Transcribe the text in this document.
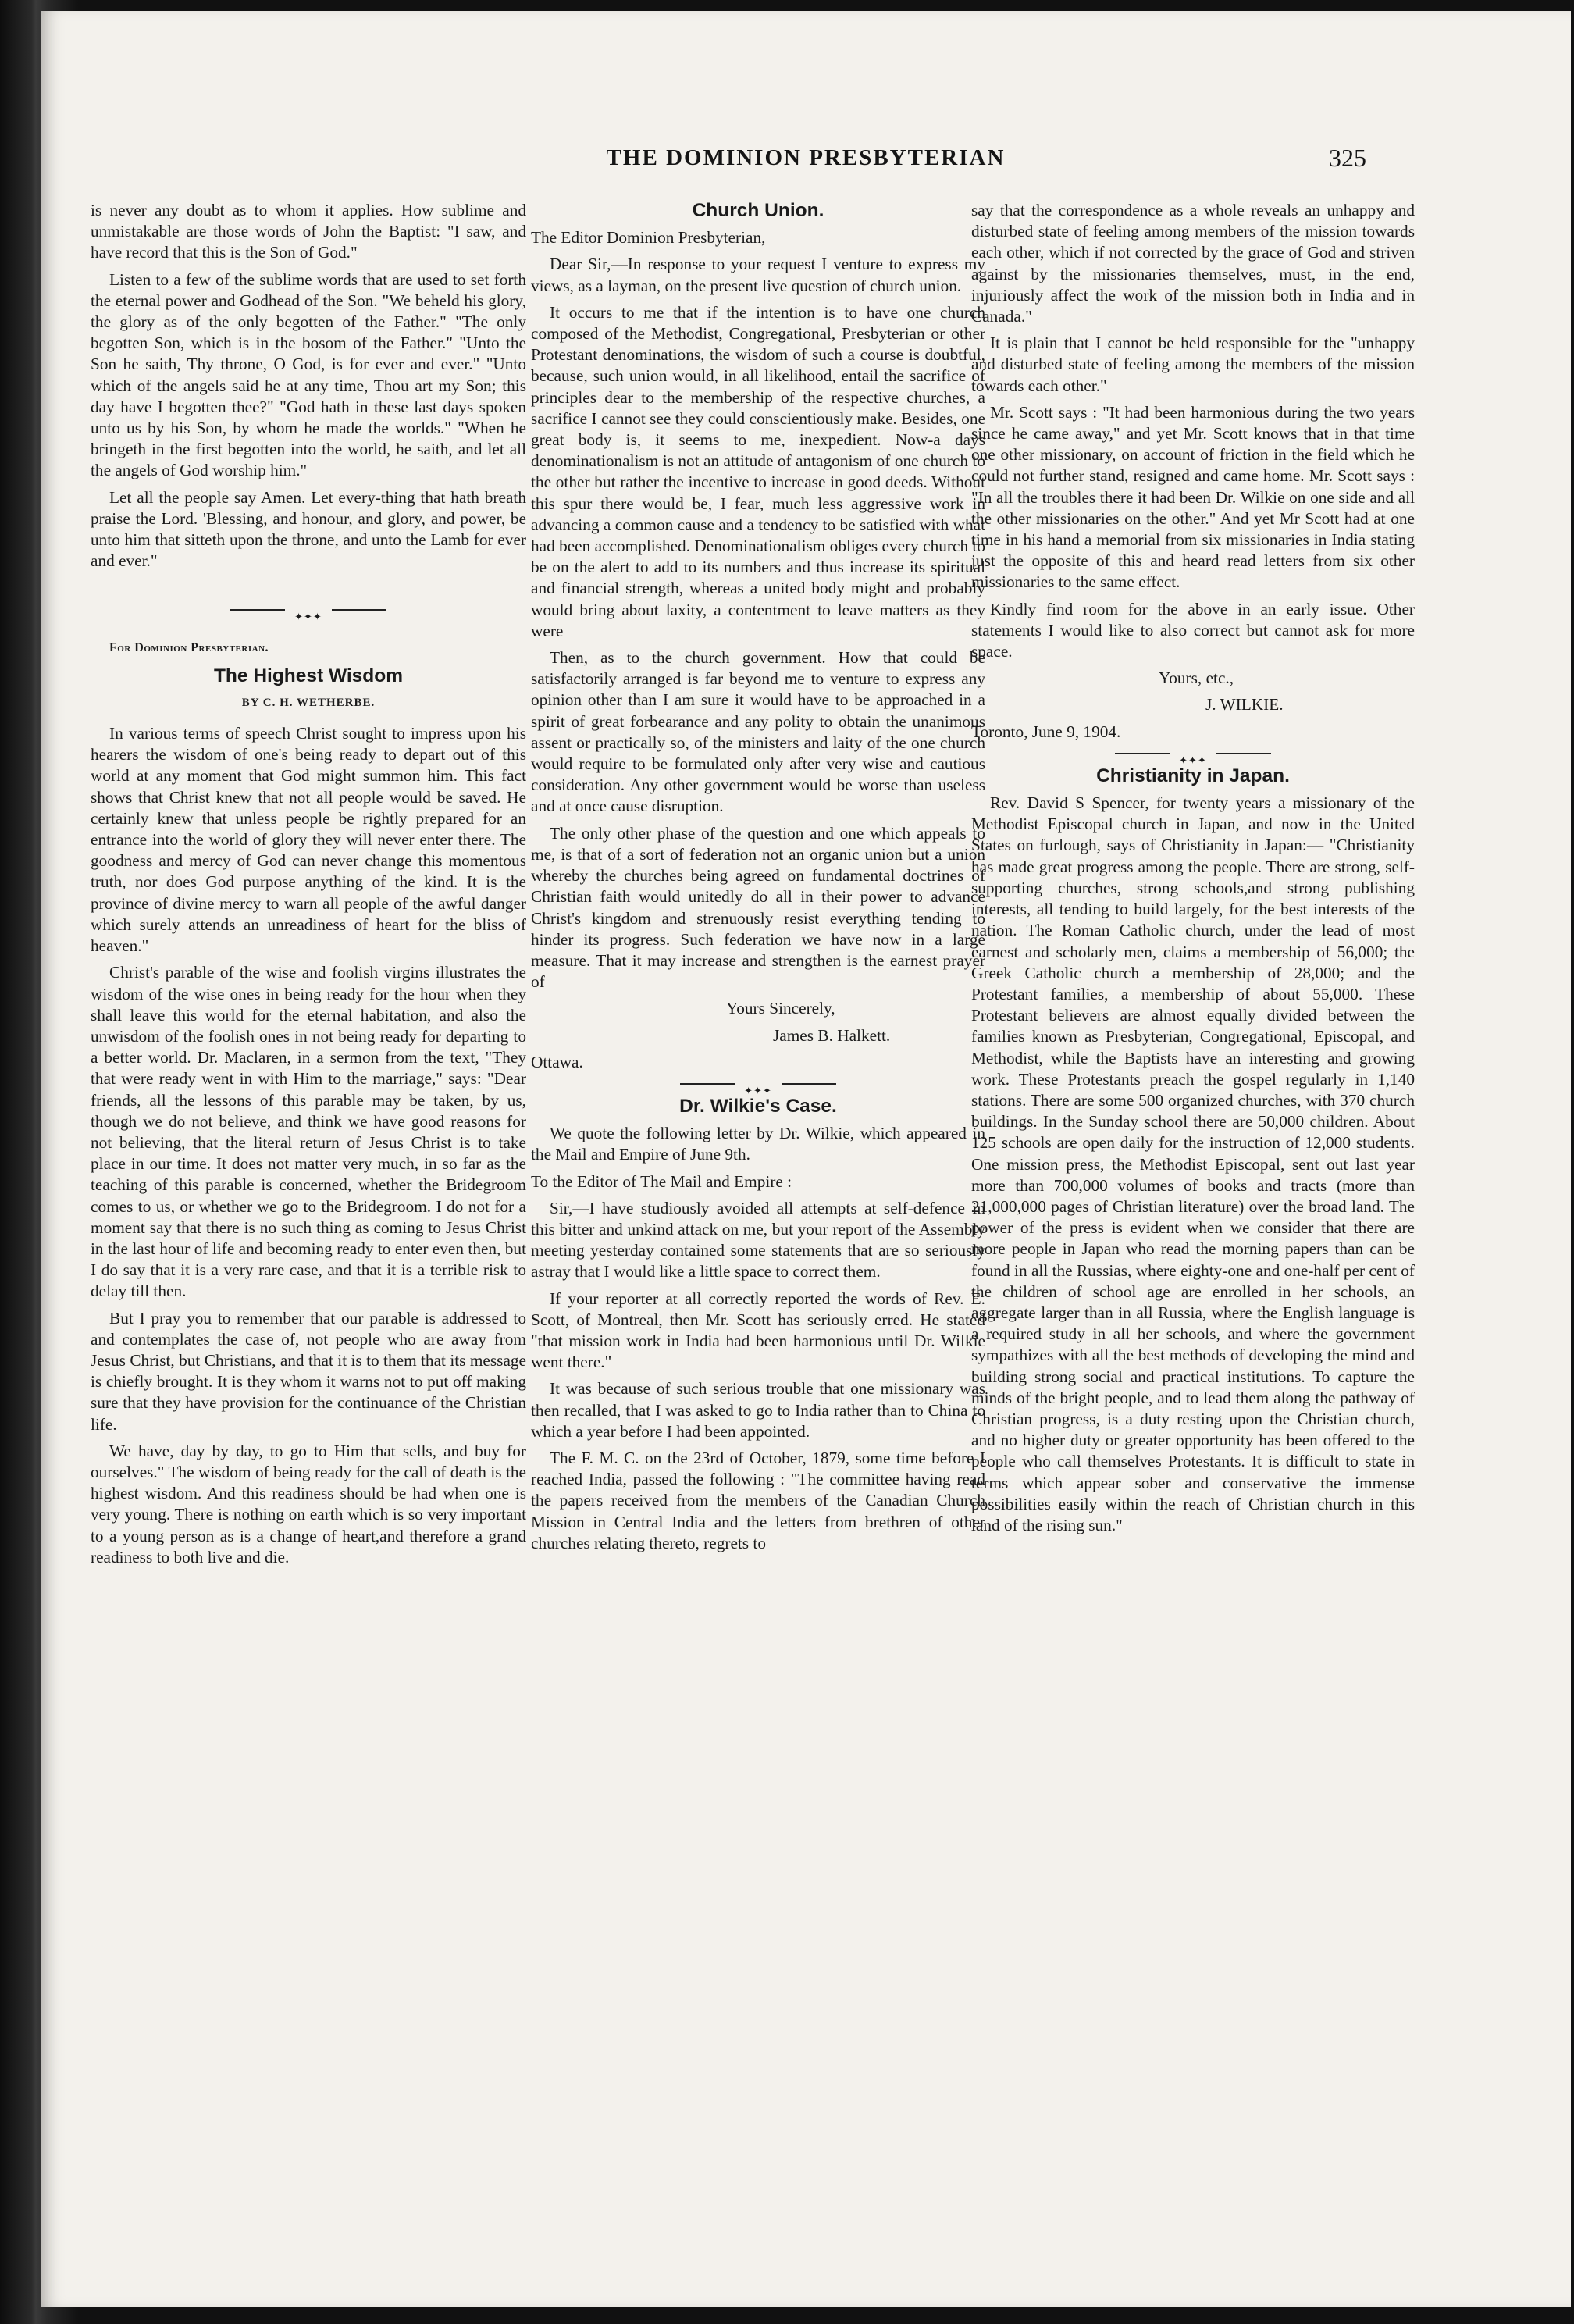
THE DOMINION PRESBYTERIAN	325

is never any doubt as to whom it applies. How sublime and unmistakable are those words of John the Baptist: "I saw, and have record that this is the Son of God."

Listen to a few of the sublime words that are used to set forth the eternal power and Godhead of the Son. "We beheld his glory, the glory as of the only begotten of the Father." "The only begotten Son, which is in the bosom of the Father." "Unto the Son he saith, Thy throne, O God, is for ever and ever." "Unto which of the angels said he at any time, Thou art my Son; this day have I begotten thee?" "God hath in these last days spoken unto us by his Son, by whom he made the worlds." "When he bringeth in the first begotten into the world, he saith, and let all the angels of God worship him."

Let all the people say Amen. Let every-thing that hath breath praise the Lord. 'Blessing, and honour, and glory, and power, be unto him that sitteth upon the throne, and unto the Lamb for ever and ever."

✦✦✦

For Dominion Presbyterian.

The Highest Wisdom
BY C. H. WETHERBE.

In various terms of speech Christ sought to impress upon his hearers the wisdom of one's being ready to depart out of this world at any moment that God might summon him. This fact shows that Christ knew that not all people would be saved. He certainly knew that unless people be rightly prepared for an entrance into the world of glory they will never enter there. The goodness and mercy of God can never change this momentous truth, nor does God purpose anything of the kind. It is the province of divine mercy to warn all people of the awful danger which surely attends an unreadiness of heart for the bliss of heaven."

Christ's parable of the wise and foolish virgins illustrates the wisdom of the wise ones in being ready for the hour when they shall leave this world for the eternal habitation, and also the unwisdom of the foolish ones in not being ready for departing to a better world. Dr. Maclaren, in a sermon from the text, "They that were ready went in with Him to the marriage," says: "Dear friends, all the lessons of this parable may be taken, by us, though we do not believe, and think we have good reasons for not believing, that the literal return of Jesus Christ is to take place in our time. It does not matter very much, in so far as the teaching of this parable is concerned, whether the Bridegroom comes to us, or whether we go to the Bridegroom. I do not for a moment say that there is no such thing as coming to Jesus Christ in the last hour of life and becoming ready to enter even then, but I do say that it is a very rare case, and that it is a terrible risk to delay till then.

But I pray you to remember that our parable is addressed to and contemplates the case of, not people who are away from Jesus Christ, but Christians, and that it is to them that its message is chiefly brought. It is they whom it warns not to put off making sure that they have provision for the continuance of the Christian life.

We have, day by day, to go to Him that sells, and buy for ourselves." The wisdom of being ready for the call of death is the highest wisdom. And this readiness should be had when one is very young. There is nothing on earth which is so very important to a young person as is a change of heart,and therefore a grand readiness to both live and die.

Church Union.

The Editor Dominion Presbyterian,

Dear Sir,—In response to your request I venture to express my views, as a layman, on the present live question of church union.

It occurs to me that if the intention is to have one church composed of the Methodist, Congregational, Presbyterian or other Protestant denominations, the wisdom of such a course is doubtful, because, such union would, in all likelihood, entail the sacrifice of principles dear to the membership of the respective churches, a sacrifice I cannot see they could conscientiously make. Besides, one great body is, it seems to me, inexpedient. Now-a days denominationalism is not an attitude of antagonism of one church to the other but rather the incentive to increase in good deeds. Without this spur there would be, I fear, much less aggressive work in advancing a common cause and a tendency to be satisfied with what had been accomplished. Denominationalism obliges every church to be on the alert to add to its numbers and thus increase its spiritual and financial strength, whereas a united body might and probably would bring about laxity, a contentment to leave matters as they were

Then, as to the church government. How that could be satisfactorily arranged is far beyond me to venture to express any opinion other than I am sure it would have to be approached in a spirit of great forbearance and any polity to obtain the unanimous assent or practically so, of the ministers and laity of the one church would require to be formulated only after very wise and cautious consideration. Any other government would be worse than useless and at once cause disruption.

The only other phase of the question and one which appeals to me, is that of a sort of federation not an organic union but a union whereby the churches being agreed on fundamental doctrines of Christian faith would unitedly do all in their power to advance Christ's kingdom and strenuously resist everything tending to hinder its progress. Such federation we have now in a large measure. That it may increase and strengthen is the earnest prayer of

Yours Sincerely,

James B. Halkett.

Ottawa.

✦✦✦
Dr. Wilkie's Case.

We quote the following letter by Dr. Wilkie, which appeared in the Mail and Empire of June 9th.

To the Editor of The Mail and Empire :

Sir,—I have studiously avoided all attempts at self-defence in this bitter and unkind attack on me, but your report of the Assembly meeting yesterday contained some statements that are so seriously astray that I would like a little space to correct them.

If your reporter at all correctly reported the words of Rev. E. Scott, of Montreal, then Mr. Scott has seriously erred. He stated "that mission work in India had been harmonious until Dr. Wilkie went there."

It was because of such serious trouble that one missionary was then recalled, that I was asked to go to India rather than to China to which a year before I had been appointed.

The F. M. C. on the 23rd of October, 1879, some time before I reached India, passed the following : "The committee having read the papers received from the members of the Canadian Church Mission in Central India and the letters from brethren of other churches relating thereto, regrets to

say that the correspondence as a whole reveals an unhappy and disturbed state of feeling among members of the mission towards each other, which if not corrected by the grace of God and striven against by the missionaries themselves, must, in the end, injuriously affect the work of the mission both in India and in Canada."

It is plain that I cannot be held responsible for the "unhappy and disturbed state of feeling among the members of the mission towards each other."

Mr. Scott says : "It had been harmonious during the two years since he came away," and yet Mr. Scott knows that in that time one other missionary, on account of friction in the field which he could not further stand, resigned and came home. Mr. Scott says : "In all the troubles there it had been Dr. Wilkie on one side and all the other missionaries on the other." And yet Mr Scott had at one time in his hand a memorial from six missionaries in India stating just the opposite of this and heard read letters from six other missionaries to the same effect.

Kindly find room for the above in an early issue. Other statements I would like to also correct but cannot ask for more space.

Yours, etc.,

J. WILKIE.

Toronto, June 9, 1904.

✦✦✦
Christianity in Japan.

Rev. David S Spencer, for twenty years a missionary of the Methodist Episcopal church in Japan, and now in the United States on furlough, says of Christianity in Japan:— "Christianity has made great progress among the people. There are strong, self-supporting churches, strong schools,and strong publishing interests, all tending to build largely, for the best interests of the nation. The Roman Catholic church, under the lead of most earnest and scholarly men, claims a membership of 56,000; the Greek Catholic church a membership of 28,000; and the Protestant families, a membership of about 55,000. These Protestant believers are almost equally divided between the families known as Presbyterian, Congregational, Episcopal, and Methodist, while the Baptists have an interesting and growing work. These Protestants preach the gospel regularly in 1,140 stations. There are some 500 organized churches, with 370 church buildings. In the Sunday school there are 50,000 children. About 125 schools are open daily for the instruction of 12,000 students. One mission press, the Methodist Episcopal, sent out last year more than 700,000 volumes of books and tracts (more than 21,000,000 pages of Christian literature) over the broad land. The power of the press is evident when we consider that there are more people in Japan who read the morning papers than can be found in all the Russias, where eighty-one and one-half per cent of the children of school age are enrolled in her schools, an aggregate larger than in all Russia, where the English language is a required study in all her schools, and where the government sympathizes with all the best methods of developing the mind and building strong social and practical institutions. To capture the minds of the bright people, and to lead them along the pathway of Christian progress, is a duty resting upon the Christian church, and no higher duty or greater opportunity has been offered to the people who call themselves Protestants. It is difficult to state in terms which appear sober and conservative the immense possibilities easily within the reach of Christian church in this land of the rising sun."
